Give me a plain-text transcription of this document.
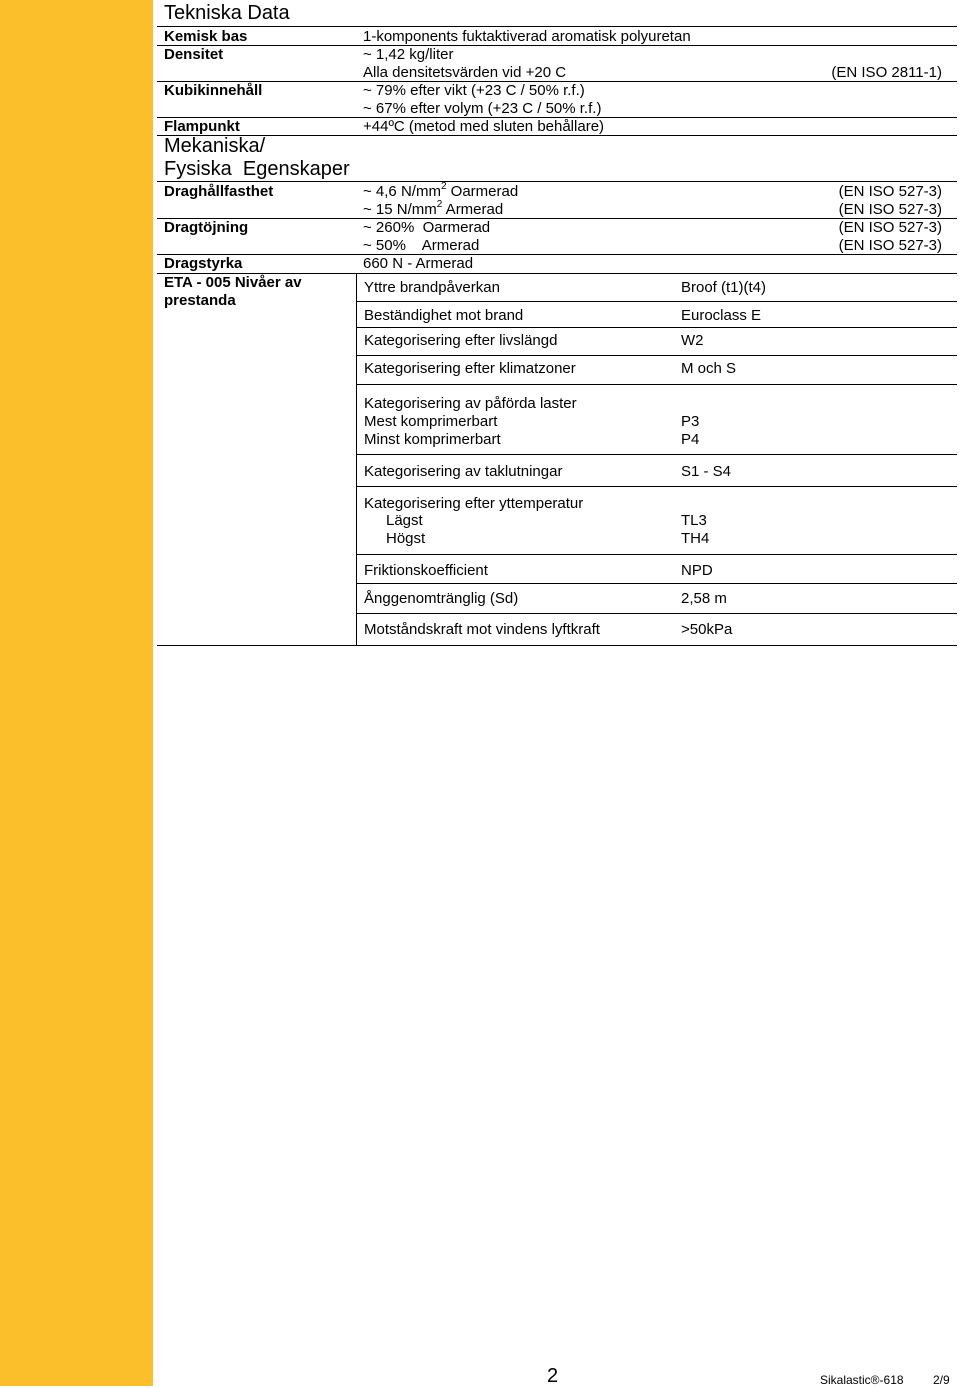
Tekniska Data
Kemisk bas	1-komponents fuktaktiverad aromatisk polyuretan
Densitet	~ 1,42 kg/liter
Alla densitetsvärden vid +20 C	(EN ISO 2811-1)
Kubikinnehåll	~ 79% efter vikt (+23 C / 50% r.f.)
~ 67% efter volym (+23 C / 50% r.f.)
Flampunkt	+44ºC (metod med sluten behållare)
Mekaniska/
Fysiska  Egenskaper
Draghållfasthet	~ 4,6 $N/mm^2$ Oarmerad	(EN ISO 527-3)
~ 15 $N/mm^2$ Armerad	(EN ISO 527-3)
Dragtöjning	~ 260%  Oarmerad	(EN ISO 527-3)
~ 50%    Armerad	(EN ISO 527-3)
Dragstyrka	660 N - Armerad
ETA - 005 Nivåer av
prestanda
Yttre brandpåverkan	Broof (t1)(t4)
Beständighet mot brand	Euroclass E
Kategorisering efter livslängd	W2
Kategorisering efter klimatzoner	M och S
Kategorisering av påförda laster
Mest komprimerbart	P3
Minst komprimerbart	P4
Kategorisering av taklutningar	S1 - S4
Kategorisering efter yttemperatur
Lägst	TL3
Högst	TH4
Friktionskoefficient	NPD
Ånggenomtränglig (Sd)	2,58 m
Motståndskraft mot vindens lyftkraft	>50kPa
2	Sikalastic®-618 2/9
